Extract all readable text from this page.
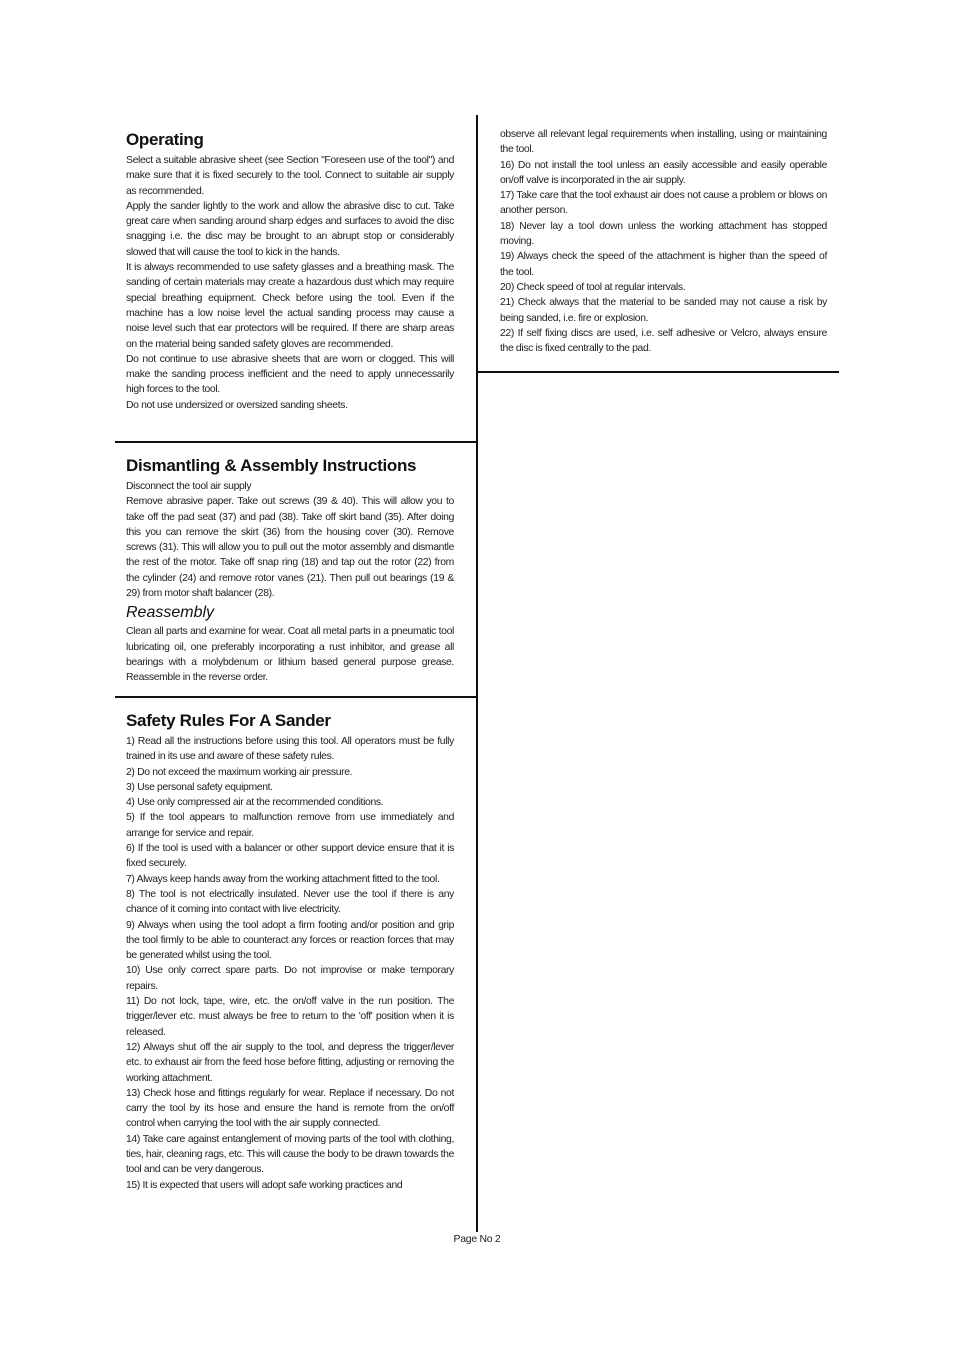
Operating

Select a suitable abrasive sheet (see Section "Foreseen use of the tool") and make sure that it is fixed securely to the tool. Connect to suitable air supply as recommended.

Apply the sander lightly to the work and allow the abrasive disc to cut. Take great care when sanding around sharp edges and surfaces to avoid the disc snagging i.e. the disc may be brought to an abrupt stop or considerably slowed that will cause the tool to kick in the hands.

It is always recommended to use safety glasses and a breathing mask. The sanding of certain materials may create a hazardous dust which may require special breathing equipment. Check before using the tool. Even if the machine has a low noise level the actual sanding process may cause a noise level such that ear protectors will be required. If there are sharp areas on the material being sanded safety gloves are recommended.

Do not continue to use abrasive sheets that are worn or clogged. This will make the sanding process inefficient and the need to apply unnecessarily high forces to the tool.

Do not use undersized or oversized sanding sheets.

Dismantling & Assembly Instructions

Disconnect the tool air supply

Remove abrasive paper. Take out screws (39 & 40). This will allow you to take off the pad seat (37) and pad (38). Take off skirt band (35). After doing this you can remove the skirt (36) from the housing cover (30). Remove screws (31). This will allow you to pull out the motor assembly and dismantle the rest of the motor. Take off snap ring (18) and tap out the rotor (22) from the cylinder (24) and remove rotor vanes (21). Then pull out bearings (19 & 29) from motor shaft balancer (28).

Reassembly

Clean all parts and examine for wear. Coat all metal parts in a pneumatic tool lubricating oil, one preferably incorporating a rust inhibitor, and grease all bearings with a molybdenum or lithium based general purpose grease. Reassemble in the reverse order.

Safety Rules For A Sander

1) Read all the instructions before using this tool. All operators must be fully trained in its use and aware of these safety rules.

2) Do not exceed the maximum working air pressure.

3) Use personal safety equipment.

4) Use only compressed air at the recommended conditions.

5) If the tool appears to malfunction remove from use immediately and arrange for service and repair.

6) If the tool is used with a balancer or other support device ensure that it is fixed securely.

7) Always keep hands away from the working attachment fitted to the tool.

8) The tool is not electrically insulated. Never use the tool if there is any chance of it coming into contact with live electricity.

9) Always when using the tool adopt a firm footing and/or position and grip the tool firmly to be able to counteract any forces or reaction forces that may be generated whilst using the tool.

10) Use only correct spare parts. Do not improvise or make temporary repairs.

11) Do not lock, tape, wire, etc. the on/off valve in the run position. The trigger/lever etc. must always be free to return to the 'off' position when it is released.

12) Always shut off the air supply to the tool, and depress the trigger/lever etc. to exhaust air from the feed hose before fitting, adjusting or removing the working attachment.

13) Check hose and fittings regularly for wear. Replace if necessary. Do not carry the tool by its hose and ensure the hand is remote from the on/off control when carrying the tool with the air supply connected.

14) Take care against entanglement of moving parts of the tool with clothing, ties, hair, cleaning rags, etc. This will cause the body to be drawn towards the tool and can be very dangerous.

15) It is expected that users will adopt safe working practices and

observe all relevant legal requirements when installing, using or maintaining the tool.

16) Do not install the tool unless an easily accessible and easily operable on/off valve is incorporated in the air supply.

17) Take care that the tool exhaust air does not cause a problem or blows on another person.

18) Never lay a tool down unless the working attachment has stopped moving.

19) Always check the speed of the attachment is higher than the speed of the tool.

20) Check speed of tool at regular intervals.

21) Check always that the material to be sanded may not cause a risk by being sanded, i.e. fire or explosion.

22) If self fixing discs are used, i.e. self adhesive or Velcro, always ensure the disc is fixed centrally to the pad.

Page No 2
